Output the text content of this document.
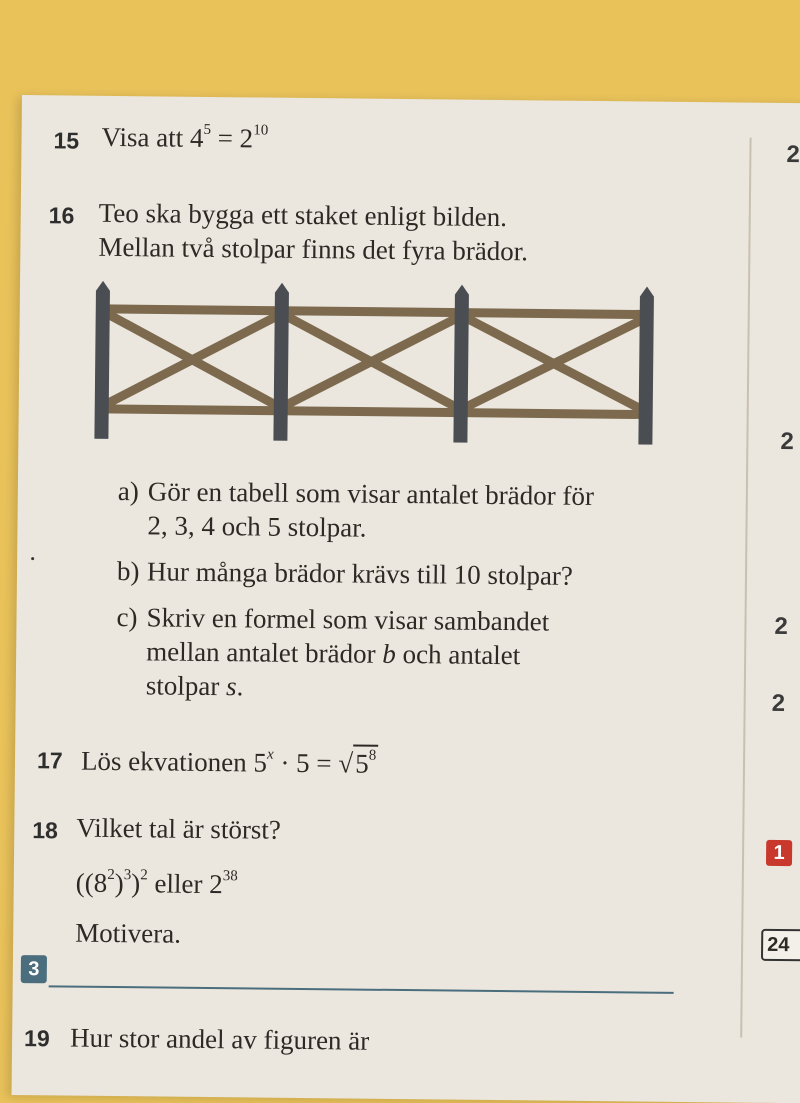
15 Visa att $4^5 = 2^{10}$
16 Teo ska bygga ett staket enligt bilden.
Mellan två stolpar finns det fyra brädor.
a) Gör en tabell som visar antalet brädor för
2, 3, 4 och 5 stolpar.
b) Hur många brädor krävs till 10 stolpar?
c) Skriv en formel som visar sambandet
mellan antalet brädor b och antalet
stolpar s.
17 Lös ekvationen $5^x \cdot 5 = √5^8$
18 Vilket tal är störst?
$((8^2)^3)^2$ eller $2^{38}$
Motivera.
3
19 Hur stor andel av figuren är
2
2
2
2
1
24
